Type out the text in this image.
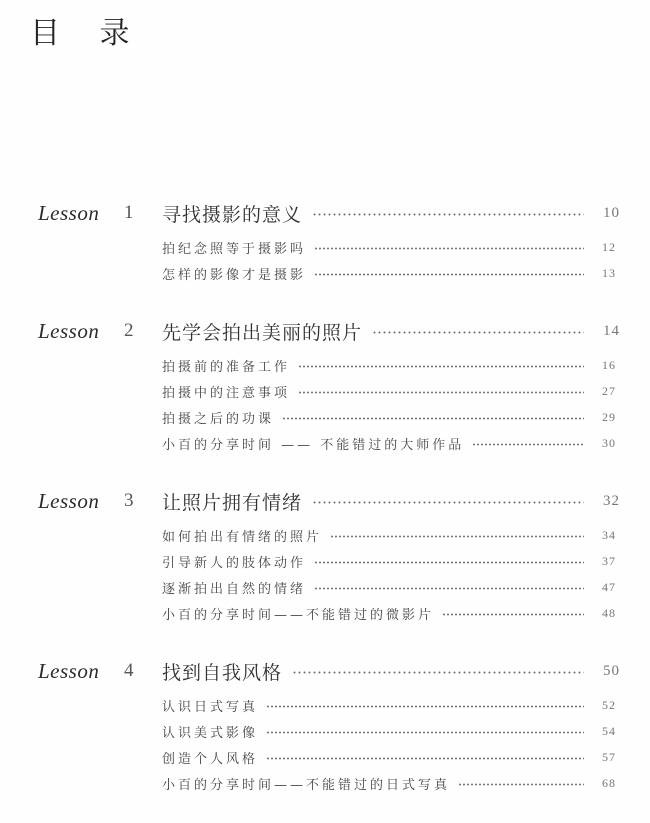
目 录
Lesson	1	寻找摄影的意义	10
拍纪念照等于摄影吗	12
怎样的影像才是摄影	13
Lesson	2	先学会拍出美丽的照片	14
拍摄前的准备工作	16
拍摄中的注意事项	27
拍摄之后的功课	29
小百的分享时间 —— 不能错过的大师作品	30
Lesson	3	让照片拥有情绪	32
如何拍出有情绪的照片	34
引导新人的肢体动作	37
逐渐拍出自然的情绪	47
小百的分享时间——不能错过的微影片	48
Lesson	4	找到自我风格	50
认识日式写真	52
认识美式影像	54
创造个人风格	57
小百的分享时间——不能错过的日式写真	68
